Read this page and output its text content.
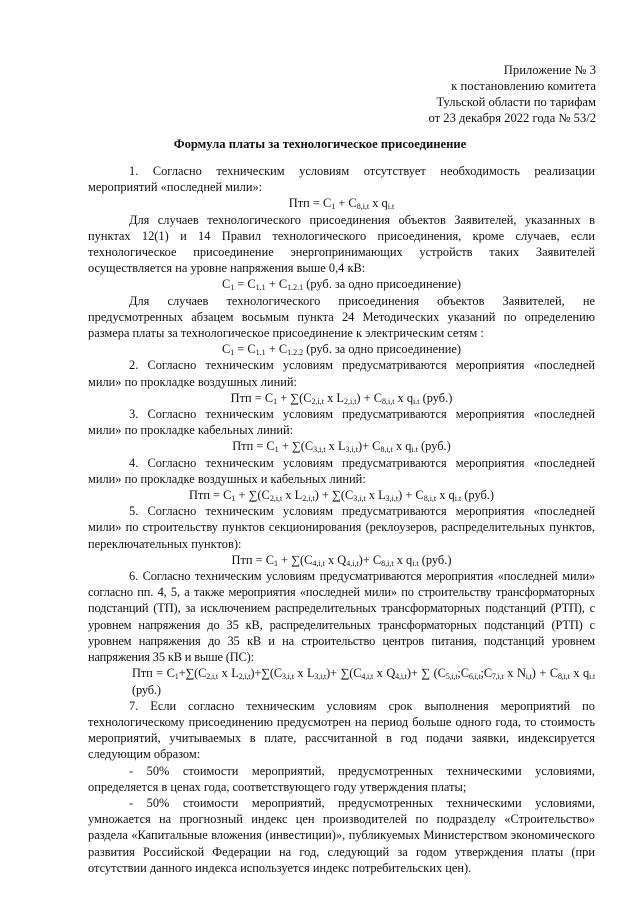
Приложение № 3
к постановлению комитета
Тульской области по тарифам
от 23 декабря 2022 года № 53/2
Формула платы за технологическое присоединение

1. Согласно техническим условиям отсутствует необходимость реализации мероприятий «последней мили»:

Птп = $C_1 + C_{8,i,t}$ x $q_{i.t}$

Для случаев технологического присоединения объектов Заявителей, указанных в пунктах 12(1) и 14 Правил технологического присоединения, кроме случаев, если технологическое присоединение энергопринимающих устройств таких Заявителей осуществляется на уровне напряжения выше 0,4 кВ:

$C_1 = C_{1.1} + C_{1.2.1}$ (руб. за одно присоединение)

Для случаев технологического присоединения объектов Заявителей, не предусмотренных абзацем восьмым пункта 24 Методических указаний по определению размера платы за технологическое присоединение к электрическим сетям :

$C_1 = C_{1.1} + C_{1.2.2}$ (руб. за одно присоединение)

2. Согласно техническим условиям предусматриваются мероприятия «последней мили» по прокладке воздушных линий:

Птп = $C_1 + \sum(C_{2,i,t}$ x $L_{2,i,t}) + C_{8,i,t}$ x $q_{i.t}$ (руб.)

3. Согласно техническим условиям предусматриваются мероприятия «последней мили» по прокладке кабельных линий:

Птп = $C_1 + \sum(C_{3,i,t}$ x $L_{3,i,t})+ C_{8,i,t}$ x $q_{i.t}$ (руб.)

4. Согласно техническим условиям предусматриваются мероприятия «последней мили» по прокладке воздушных и кабельных линий:

Птп = $C_1 + \sum(C_{2,i,t}$ x $L_{2,i,t}) + \sum(C_{3,i,t}$ x $L_{3,i,t}) + C_{8,i,t}$ x $q_{i.t}$ (руб.)

5. Согласно техническим условиям предусматриваются мероприятия «последней мили» по строительству пунктов секционирования (реклоузеров, распределительных пунктов, переключательных пунктов):

Птп = $C_1 + \sum(C_{4,i,t}$ x $Q_{4,i,t})+ C_{8,i,t}$ x $q_{i.t}$ (руб.)

6. Согласно техническим условиям предусматриваются мероприятия «последней мили» согласно пп. 4, 5, а также мероприятия «последней мили» по строительству трансформаторных подстанций (ТП), за исключением распределительных трансформаторных подстанций (РТП), с уровнем напряжения до 35 кВ, распределительных трансформаторных подстанций (РТП) с уровнем напряжения до 35 кВ и на строительство центров питания, подстанций уровнем напряжения 35 кВ и выше (ПС):

Птп = $C_1+\sum(C_{2,i,t}$ x $L_{2,i,t})+\sum(C_{3,i,t}$ x $L_{3,i,t})+ \sum(C_{4,i,t}$ x $Q_{4,i,t})+$ ∑ ($C_{5,i,t};C_{6,i,t};C_{7,i,t}$ x $N_{i,t}) + C_{8,i,t}$ x $q_{i.t}$ (руб.)

7. Если согласно техническим условиям срок выполнения мероприятий по технологическому присоединению предусмотрен на период больше одного года, то стоимость мероприятий, учитываемых в плате, рассчитанной в год подачи заявки, индексируется следующим образом:

- 50% стоимости мероприятий, предусмотренных техническими условиями, определяется в ценах года, соответствующего году утверждения платы;

- 50% стоимости мероприятий, предусмотренных техническими условиями, умножается на прогнозный индекс цен производителей по подразделу «Строительство» раздела «Капитальные вложения (инвестиции)», публикуемых Министерством экономического развития Российской Федерации на год, следующий за годом утверждения платы (при отсутствии данного индекса используется индекс потребительских цен).
